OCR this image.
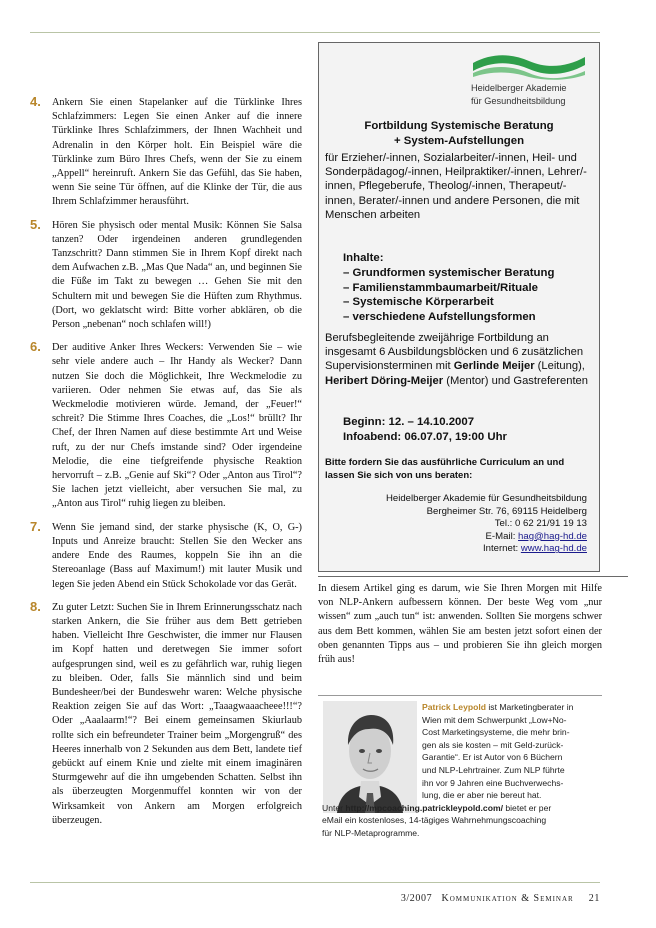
4. Ankern Sie einen Stapelanker auf die Türklinke Ihres Schlafzimmers: Legen Sie einen Anker auf die innere Türklinke Ihres Schlafzimmers, der Ihnen Wachheit und Adrenalin in den Körper holt. Ein Beispiel wäre die Türklinke zum Büro Ihres Chefs, wenn der Sie zu einem „Appell“ hereinruft. Ankern Sie das Gefühl, das Sie haben, wenn Sie seine Tür öffnen, auf die Klinke der Tür, die aus Ihrem Schlafzimmer herausführt.
5. Hören Sie physisch oder mental Musik: Können Sie Salsa tanzen? Oder irgendeinen anderen grundlegenden Tanzschritt? Dann stimmen Sie in Ihrem Kopf direkt nach dem Aufwachen z.B. „Mas Que Nada“ an, und beginnen Sie die Füße im Takt zu bewegen … Gehen Sie mit den Schultern mit und bewegen Sie die Hüften zum Rhythmus. (Dort, wo geklatscht wird: Bitte vorher abklären, ob die Person „nebenan“ noch schlafen will!)
6. Der auditive Anker Ihres Weckers: Verwenden Sie – wie sehr viele andere auch – Ihr Handy als Wecker? Dann nutzen Sie doch die Möglichkeit, Ihre Weckmelodie zu variieren. Oder nehmen Sie etwas auf, das Sie als Weckmelodie motivieren würde. Jemand, der „Feuer!“ schreit? Die Stimme Ihres Coaches, die „Los!“ brüllt? Ihr Chef, der Ihren Namen auf diese bestimmte Art und Weise ruft, zu der nur Chefs imstande sind? Oder irgendeine Melodie, die eine tiefgreifende physische Reaktion hervorruft – z.B. „Genie auf Ski“? Oder „Anton aus Tirol“? Sie lachen jetzt vielleicht, aber versuchen Sie mal, zu „Anton aus Tirol“ ruhig liegen zu bleiben.
7. Wenn Sie jemand sind, der starke physische (K, O, G-) Inputs und Anreize braucht: Stellen Sie den Wecker ans andere Ende des Raumes, koppeln Sie ihn an die Stereoanlage (Bass auf Maximum!) mit lauter Musik und legen Sie jeden Abend ein Stück Schokolade vor das Gerät.
8. Zu guter Letzt: Suchen Sie in Ihrem Erinnerungsschatz nach starken Ankern, die Sie früher aus dem Bett getrieben haben. Vielleicht Ihre Geschwister, die immer nur Flausen im Kopf hatten und deretwegen Sie immer sofort aufgesprungen sind, weil es zu gefährlich war, ruhig liegen zu bleiben. Oder, falls Sie männlich sind und beim Bundesheer/bei der Bundeswehr waren: Welche physische Reaktion zeigen Sie auf das Wort: „Taaagwaaacheee!!!“? Oder „Aaalaarm!“? Bei einem gemeinsamen Skiurlaub rollte sich ein befreundeter Trainer beim „Morgengruß“ des Heeres innerhalb von 2 Sekunden aus dem Bett, landete tief gebückt auf einem Knie und zielte mit einem imaginären Sturmgewehr auf die ihn umgebenden Schatten. Selbst ihn als überzeugten Morgenmuffel konnten wir von der Wirksamkeit von Ankern am Morgen erfolgreich überzeugen.
Heidelberger Akademie
für Gesundheitsbildung
Fortbildung Systemische Beratung
+ System-Aufstellungen
für Erzieher/-innen, Sozialarbeiter/-innen, Heil- und Sonderpädagog/-innen, Heilpraktiker/-innen, Lehrer/-innen, Pflegeberufe, Theolog/-innen, Therapeut/-innen, Berater/-innen und andere Personen, die mit Menschen arbeiten
Inhalte:
– Grundformen systemischer Beratung
– Familienstammbaumarbeit/Rituale
– Systemische Körperarbeit
– verschiedene Aufstellungsformen
Berufsbegleitende zweijährige Fortbildung an insgesamt 6 Ausbildungsblöcken und 6 zusätzlichen Supervisionsterminen mit Gerlinde Meijer (Leitung), Heribert Döring-Meijer (Mentor) und Gastreferenten
Beginn: 12. – 14.10.2007
Infoabend: 06.07.07, 19:00 Uhr
Bitte fordern Sie das ausführliche Curriculum an und lassen Sie sich von uns beraten:
Heidelberger Akademie für Gesundheitsbildung
Bergheimer Str. 76, 69115 Heidelberg
Tel.: 0 62 21/91 19 13
E-Mail: hag@hag-hd.de
Internet: www.hag-hd.de
In diesem Artikel ging es darum, wie Sie Ihren Morgen mit Hilfe von NLP-Ankern aufbessern können. Der beste Weg vom „nur wissen“ zum „auch tun“ ist: anwenden. Sollten Sie morgens schwer aus dem Bett kommen, wählen Sie am besten jetzt sofort einen der oben genannten Tipps aus – und probieren Sie ihn gleich morgen früh aus!
Patrick Leypold ist Marketingberater in
Wien mit dem Schwerpunkt „Low+No-
Cost Marketingsysteme, die mehr brin-
gen als sie kosten – mit Geld-zurück-
Garantie“. Er ist Autor von 6 Büchern
und NLP-Lehrtrainer. Zum NLP führte
ihn vor 9 Jahren eine Buchverwechs-
lung, die er aber nie bereut hat.
Unter http://mpcoaching.patrickleypold.com/ bietet er per
eMail ein kostenloses, 14-tägiges Wahrnehmungscoaching
für NLP-Metaprogramme.
3/2007 Kommunikation & Seminar 21
